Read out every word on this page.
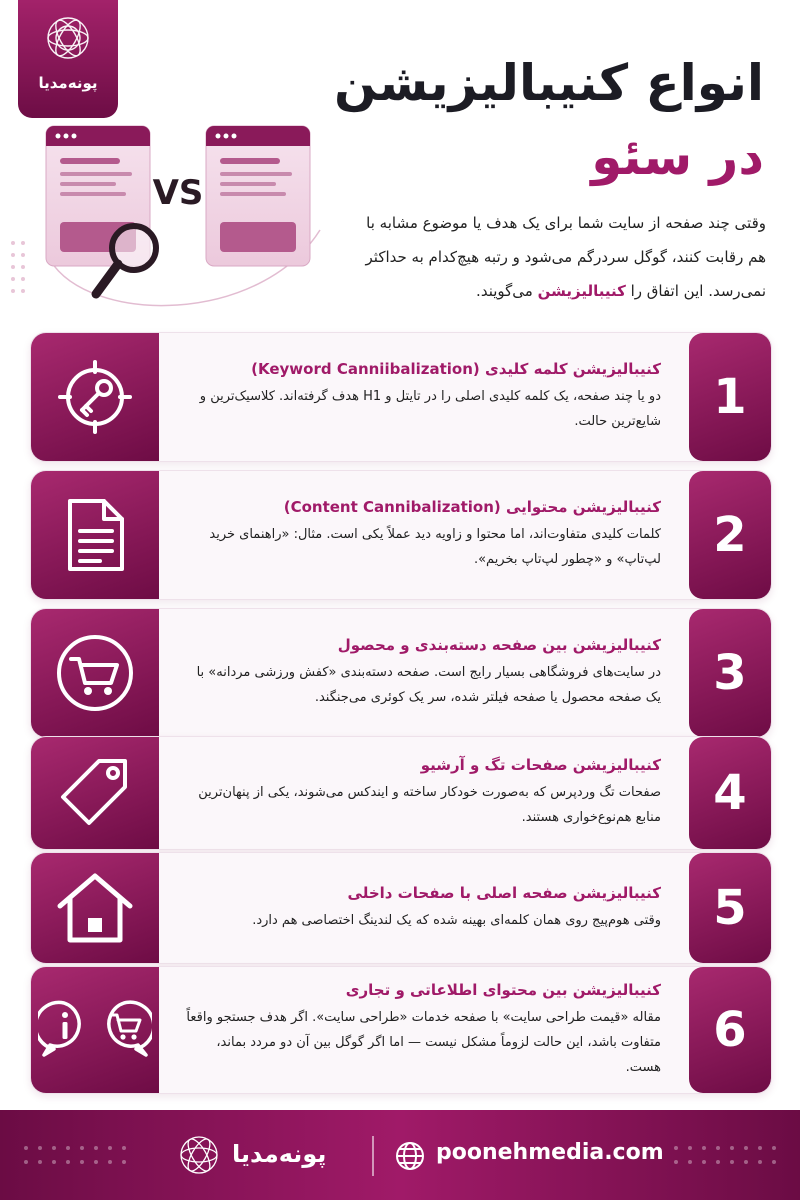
پونه‌مدیا	انواع کنیبالیزیشن
در سئو
وقتی چند صفحه از سایت شما برای یک هدف یا موضوع مشابه با هم رقابت کنند، گوگل سردرگم می‌شود و رتبه هیچ‌کدام به حداکثر نمی‌رسد. این اتفاق را کنیبالیزیشن می‌گویند.
VS
کنیبالیزیشن کلمه کلیدی (Keyword Canniibalization)
دو یا چند صفحه، یک کلمه کلیدی اصلی را در تایتل و H1 هدف گرفته‌اند. کلاسیک‌ترین و شایع‌ترین حالت.	1
کنیبالیزیشن محتوایی (Content Cannibalization)
کلمات کلیدی متفاوت‌اند، اما محتوا و زاویه دید عملاً یکی است. مثال: «راهنمای خرید لپ‌تاپ» و «چطور لپ‌تاپ بخریم».	2
کنیبالیزیشن بین صفحه دسته‌بندی و محصول
در سایت‌های فروشگاهی بسیار رایج است. صفحه دسته‌بندی «کفش ورزشی مردانه» با یک صفحه محصول یا صفحه فیلتر شده، سر یک کوئری می‌جنگند.	3
کنیبالیزیشن صفحات تگ و آرشیو
صفحات تگ وردپرس که به‌صورت خودکار ساخته و ایندکس می‌شوند، یکی از پنهان‌ترین منابع هم‌نوع‌خواری هستند.	4
کنیبالیزیشن صفحه اصلی با صفحات داخلی
وقتی هوم‌پیج روی همان کلمه‌ای بهینه شده که یک لندینگ اختصاصی هم دارد.	5
کنیبالیزیشن بین محتوای اطلاعاتی و تجاری
مقاله «قیمت طراحی سایت» با صفحه خدمات «طراحی سایت». اگر هدف جستجو واقعاً متفاوت باشد، این حالت لزوماً مشکل نیست — اما اگر گوگل بین آن دو مردد بماند، هست.
6
پونه‌مدیا	poonehmedia.com
